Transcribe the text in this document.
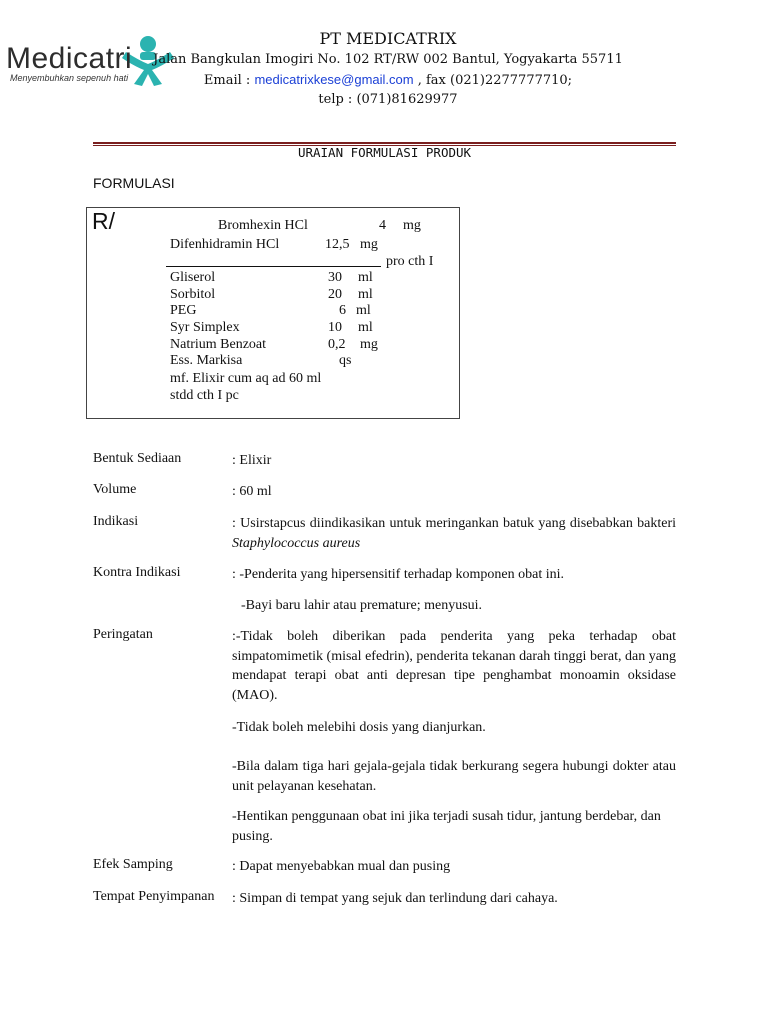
Medicatri
Menyembuhkan sepenuh hati
PT MEDICATRIX
Jalan Bangkulan Imogiri No. 102 RT/RW 002 Bantul, Yogyakarta 55711
Email : medicatrixkese@gmail.com , fax (021)2277777710;
telp : (071)81629977
URAIAN FORMULASI PRODUK
FORMULASI
R/	Bromhexin HCl	4 mg
Difenhidramin HCl	12,5 mg
pro cth I
Gliserol	30 ml
Sorbitol	20 ml
PEG	6 ml
Syr Simplex	10 ml
Natrium Benzoat	0,2 mg
Ess. Markisa	qs
mf. Elixir cum aq ad 60 ml
stdd cth I pc
Bentuk Sediaan	: Elixir
Volume	: 60 ml
Indikasi	: Usirstapcus diindikasikan untuk meringankan batuk yang disebabkan bakteri Staphylococcus aureus
Kontra Indikasi	: -Penderita yang hipersensitif terhadap komponen obat ini.
-Bayi baru lahir atau premature; menyusui.
Peringatan	:-Tidak boleh diberikan pada penderita yang peka terhadap obat simpatomimetik (misal efedrin), penderita tekanan darah tinggi berat, dan yang mendapat terapi obat anti depresan tipe penghambat monoamin oksidase (MAO).
-Tidak boleh melebihi dosis yang dianjurkan.
-Bila dalam tiga hari gejala-gejala tidak berkurang segera hubungi dokter atau unit pelayanan kesehatan.
-Hentikan penggunaan obat ini jika terjadi susah tidur, jantung berdebar, dan pusing.
Efek Samping	: Dapat menyebabkan mual dan pusing
Tempat Penyimpanan : Simpan di tempat yang sejuk dan terlindung dari cahaya.
